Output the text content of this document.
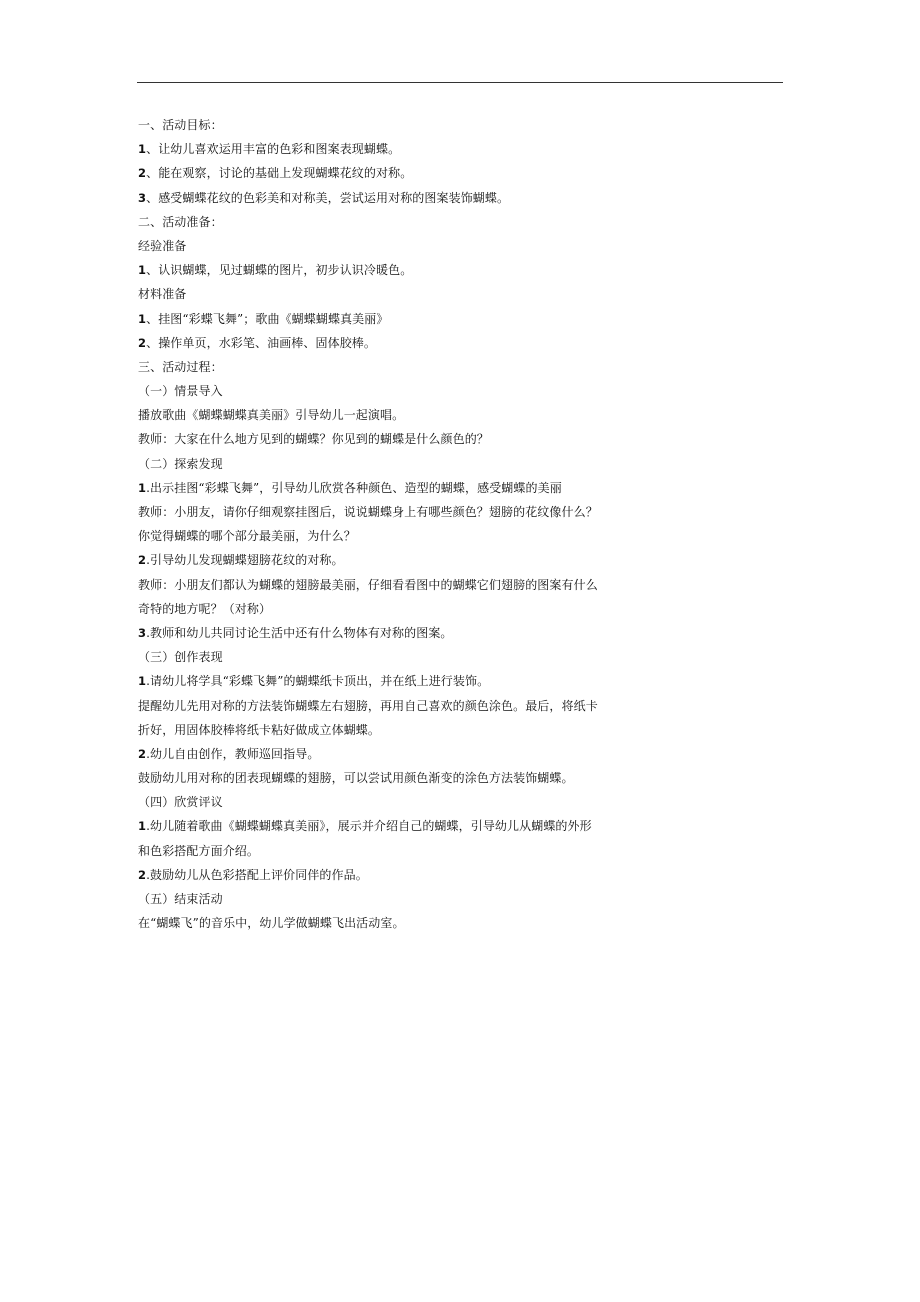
一、活动目标：
1、让幼儿喜欢运用丰富的色彩和图案表现蝴蝶。
2、能在观察，讨论的基础上发现蝴蝶花纹的对称。
3、感受蝴蝶花纹的色彩美和对称美，尝试运用对称的图案装饰蝴蝶。
二、活动准备：
经验准备
1、认识蝴蝶，见过蝴蝶的图片，初步认识冷暖色。
材料准备
1、挂图“彩蝶飞舞”；歌曲《蝴蝶蝴蝶真美丽》
2、操作单页，水彩笔、油画棒、固体胶棒。
三、活动过程：
（一）情景导入
播放歌曲《蝴蝶蝴蝶真美丽》引导幼儿一起演唱。
教师：大家在什么地方见到的蝴蝶？你见到的蝴蝶是什么颜色的？
（二）探索发现
1.出示挂图“彩蝶飞舞”，引导幼儿欣赏各种颜色、造型的蝴蝶，感受蝴蝶的美丽
教师：小朋友，请你仔细观察挂图后，说说蝴蝶身上有哪些颜色？翅膀的花纹像什么？
你觉得蝴蝶的哪个部分最美丽，为什么？
2.引导幼儿发现蝴蝶翅膀花纹的对称。
教师：小朋友们都认为蝴蝶的翅膀最美丽，仔细看看图中的蝴蝶它们翅膀的图案有什么
奇特的地方呢？（对称）
3.教师和幼儿共同讨论生活中还有什么物体有对称的图案。
（三）创作表现
1.请幼儿将学具“彩蝶飞舞”的蝴蝶纸卡顶出，并在纸上进行装饰。
提醒幼儿先用对称的方法装饰蝴蝶左右翅膀，再用自己喜欢的颜色涂色。最后，将纸卡
折好，用固体胶棒将纸卡粘好做成立体蝴蝶。
2.幼儿自由创作，教师巡回指导。
鼓励幼儿用对称的团表现蝴蝶的翅膀，可以尝试用颜色渐变的涂色方法装饰蝴蝶。
（四）欣赏评议
1.幼儿随着歌曲《蝴蝶蝴蝶真美丽》，展示并介绍自己的蝴蝶，引导幼儿从蝴蝶的外形
和色彩搭配方面介绍。
2.鼓励幼儿从色彩搭配上评价同伴的作品。
（五）结束活动
在“蝴蝶飞”的音乐中，幼儿学做蝴蝶飞出活动室。
